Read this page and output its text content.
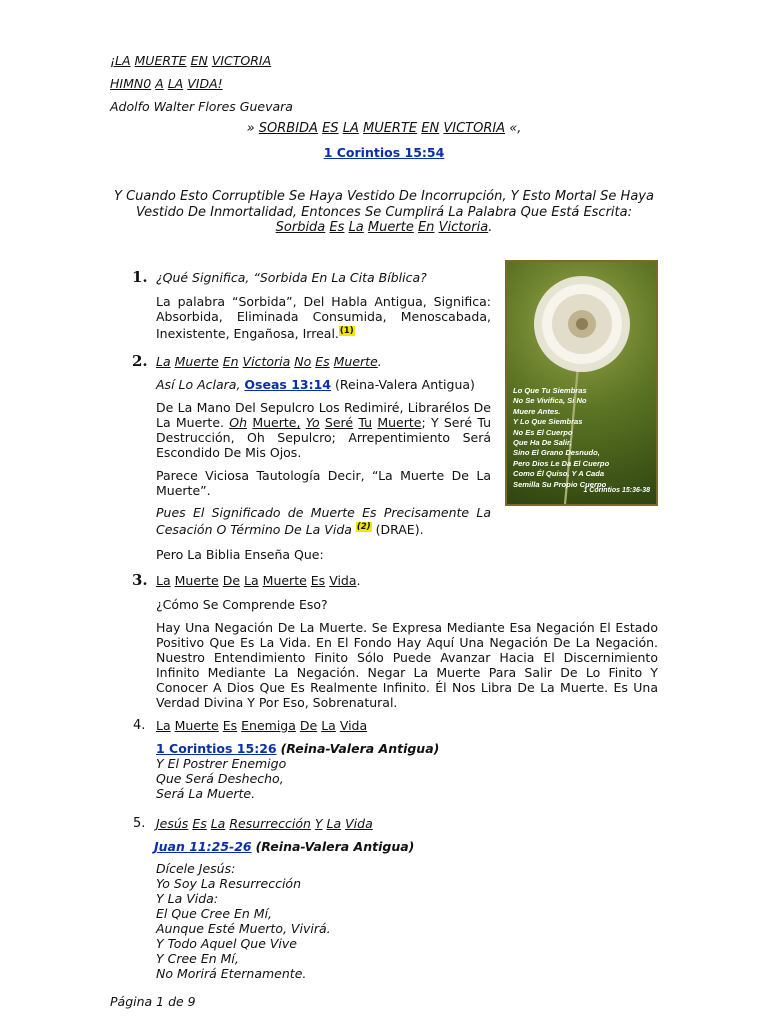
¡LA MUERTE EN VICTORIA
HIMN0 A LA VIDA!
Adolfo Walter Flores Guevara
» SORBIDA ES LA MUERTE EN VICTORIA «,
1 Corintios 15:54
Y Cuando Esto Corruptible Se Haya Vestido De Incorrupción, Y Esto Mortal Se Haya Vestido De Inmortalidad, Entonces Se Cumplirá La Palabra Que Está Escrita: Sorbida Es La Muerte En Victoria.
Lo Que Tu Siembras
No Se Vivifica, Si No
Muere Antes.
Y Lo Que Siembras
No Es El Cuerpo
Que Ha De Salir,
Sino El Grano Desnudo,
Pero Dios Le Da El Cuerpo
Como Él Quiso, Y A Cada
Semilla Su Propio Cuerpo
1 Corintios 15:36-38
1. ¿Qué Significa, “Sorbida En La Cita Bíblica?
La palabra “Sorbida”, Del Habla Antigua, Significa: Absorbida, Eliminada Consumida, Menoscabada, Inexistente, Engañosa, Irreal.$^{(1)}$
2. La Muerte En Victoria No Es Muerte.
Así Lo Aclara, Oseas 13:14 (Reina-Valera Antigua)
De La Mano Del Sepulcro Los Redimiré, LibraréIos De La Muerte. Oh Muerte, Yo Seré Tu Muerte; Y Seré Tu Destrucción, Oh Sepulcro; Arrepentimiento Será Escondido De Mis Ojos.
Parece Viciosa Tautología Decir, “La Muerte De La Muerte”.
Pues El Significado de Muerte Es Precisamente La Cesación O Término De La Vida $^{(2)}$ (DRAE).
Pero La Biblia Enseña Que:
3. La Muerte De La Muerte Es Vida.
¿Cómo Se Comprende Eso?
Hay Una Negación De La Muerte. Se Expresa Mediante Esa Negación El Estado Positivo Que Es La Vida. En El Fondo Hay Aquí Una Negación De La Negación. Nuestro Entendimiento Finito Sólo Puede Avanzar Hacia El Discernimiento Infinito Mediante La Negación. Negar La Muerte Para Salir De Lo Finito Y Conocer A Dios Que Es Realmente Infinito. Él Nos Libra De La Muerte. Es Una Verdad Divina Y Por Eso, Sobrenatural.
4. La Muerte Es Enemiga De La Vida
1 Corintios 15:26 (Reina-Valera Antigua)
Y El Postrer Enemigo
Que Será Deshecho,
Será La Muerte.
5. Jesús Es La Resurrección Y La Vida
Juan 11:25-26 (Reina-Valera Antigua)
Dícele Jesús:
Yo Soy La Resurrección
Y La Vida:
El Que Cree En Mí,
Aunque Esté Muerto, Vivirá.
Y Todo Aquel Que Vive
Y Cree En Mí,
No Morirá Eternamente.
Página 1 de 9
